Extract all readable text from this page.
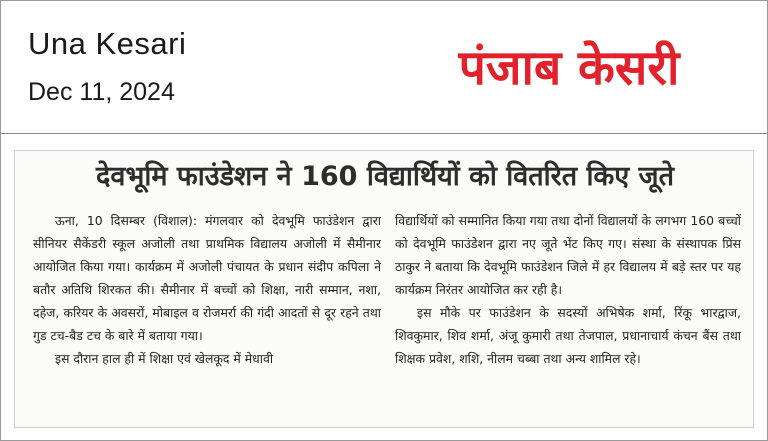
Una Kesari
Dec 11, 2024	पंजाब केसरी
देवभूमि फाउंडेशन ने 160 विद्यार्थियों को वितरित किए जूते

ऊना, 10 दिसम्बर (विशाल): मंगलवार को देवभूमि फाउंडेशन द्वारा सीनियर सैकेंडरी स्कूल अजोली तथा प्राथमिक विद्यालय अजोली में सैमीनार आयोजित किया गया। कार्यक्रम में अजोली पंचायत के प्रधान संदीप कपिला ने बतौर अतिथि शिरकत की। सैमीनार में बच्चों को शिक्षा, नारी सम्मान, नशा, दहेज, करियर के अवसरों, मोबाइल व रोजमर्रा की गंदी आदतों से दूर रहने तथा गुड टच-बैड टच के बारे में बताया गया।

इस दौरान हाल ही में शिक्षा एवं खेलकूद में मेधावी

विद्यार्थियों को सम्मानित किया गया तथा दोनों विद्यालयों के लगभग 160 बच्चों को देवभूमि फाउंडेशन द्वारा नए जूते भेंट किए गए। संस्था के संस्थापक प्रिंस ठाकुर ने बताया कि देवभूमि फाउंडेशन जिले में हर विद्यालय में बड़े स्तर पर यह कार्यक्रम निरंतर आयोजित कर रही है।

इस मौके पर फाउंडेशन के सदस्यों अभिषेक शर्मा, रिंकू भारद्वाज, शिवकुमार, शिव शर्मा, अंजू कुमारी तथा तेजपाल, प्रधानाचार्य कंचन बैंस तथा शिक्षक प्रवेश, शशि, नीलम चब्बा तथा अन्य शामिल रहे।
